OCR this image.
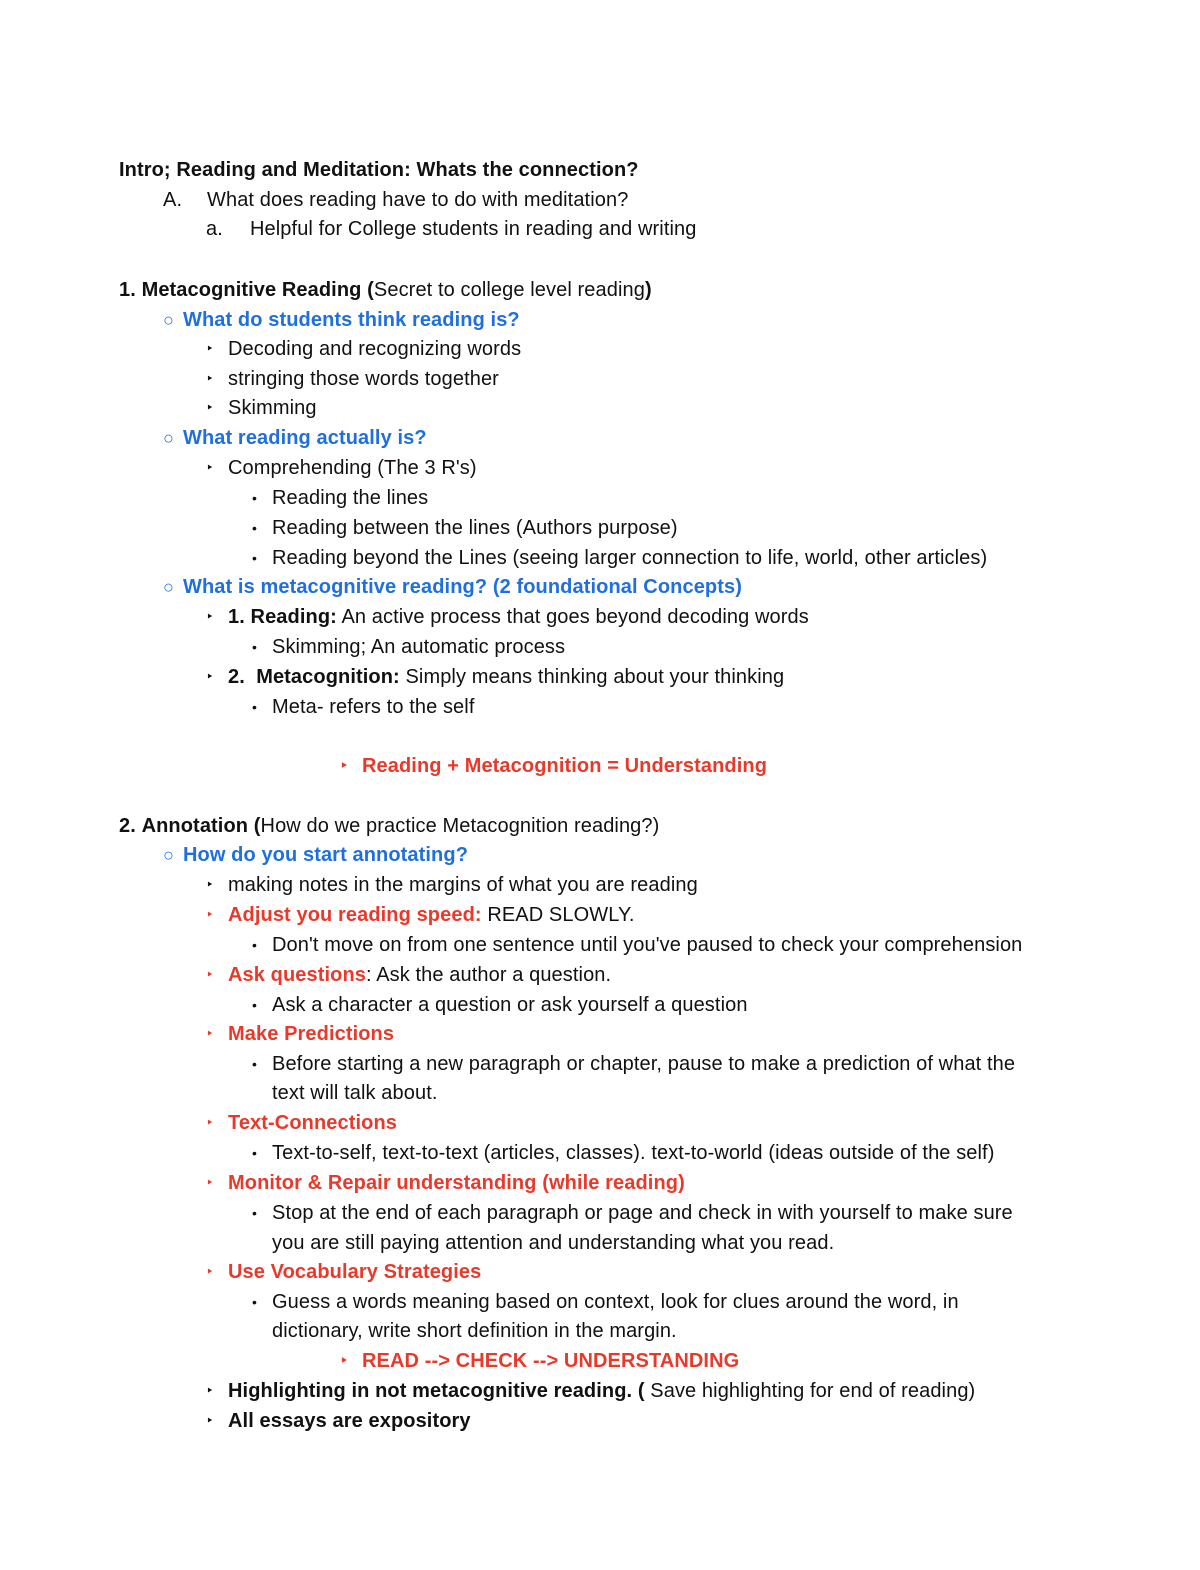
Intro; Reading and Meditation: Whats the connection?
A. What does reading have to do with meditation?
a. Helpful for College students in reading and writing
1. Metacognitive Reading (Secret to college level reading)
○ What do students think reading is?
‣ Decoding and recognizing words
‣ stringing those words together
‣ Skimming
○ What reading actually is?
‣ Comprehending (The 3 R's)
• Reading the lines
• Reading between the lines (Authors purpose)
• Reading beyond the Lines (seeing larger connection to life, world, other articles)
○ What is metacognitive reading? (2 foundational Concepts)
‣ 1. Reading: An active process that goes beyond decoding words
• Skimming; An automatic process
‣ 2.  Metacognition: Simply means thinking about your thinking
• Meta- refers to the self
‣ Reading + Metacognition = Understanding
2. Annotation (How do we practice Metacognition reading?)
○ How do you start annotating?
‣ making notes in the margins of what you are reading
‣ Adjust you reading speed: READ SLOWLY.
• Don't move on from one sentence until you've paused to check your comprehension
‣ Ask questions: Ask the author a question.
• Ask a character a question or ask yourself a question
‣ Make Predictions
• Before starting a new paragraph or chapter, pause to make a prediction of what the
text will talk about.
‣ Text-Connections
• Text-to-self, text-to-text (articles, classes). text-to-world (ideas outside of the self)
‣ Monitor & Repair understanding (while reading)
• Stop at the end of each paragraph or page and check in with yourself to make sure
you are still paying attention and understanding what you read.
‣ Use Vocabulary Strategies
• Guess a words meaning based on context, look for clues around the word, in
dictionary, write short definition in the margin.
‣ READ --> CHECK --> UNDERSTANDING
‣ Highlighting in not metacognitive reading. ( Save highlighting for end of reading)
‣ All essays are expository
